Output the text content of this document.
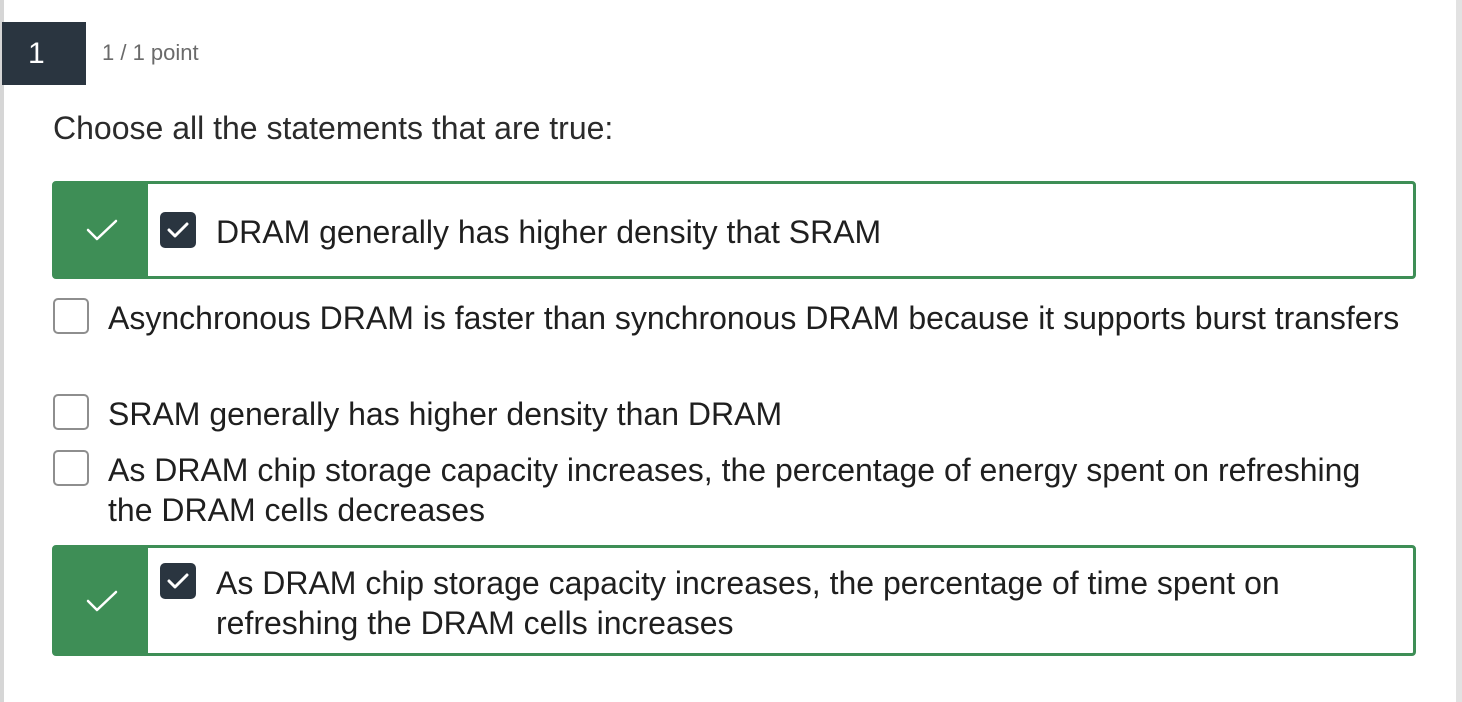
1	1 / 1 point
Choose all the statements that are true:
DRAM generally has higher density that SRAM
Asynchronous DRAM is faster than synchronous DRAM because it supports burst transfers
SRAM generally has higher density than DRAM
As DRAM chip storage capacity increases, the percentage of energy spent on refreshing the DRAM cells decreases
As DRAM chip storage capacity increases, the percentage of time spent on refreshing the DRAM cells increases
